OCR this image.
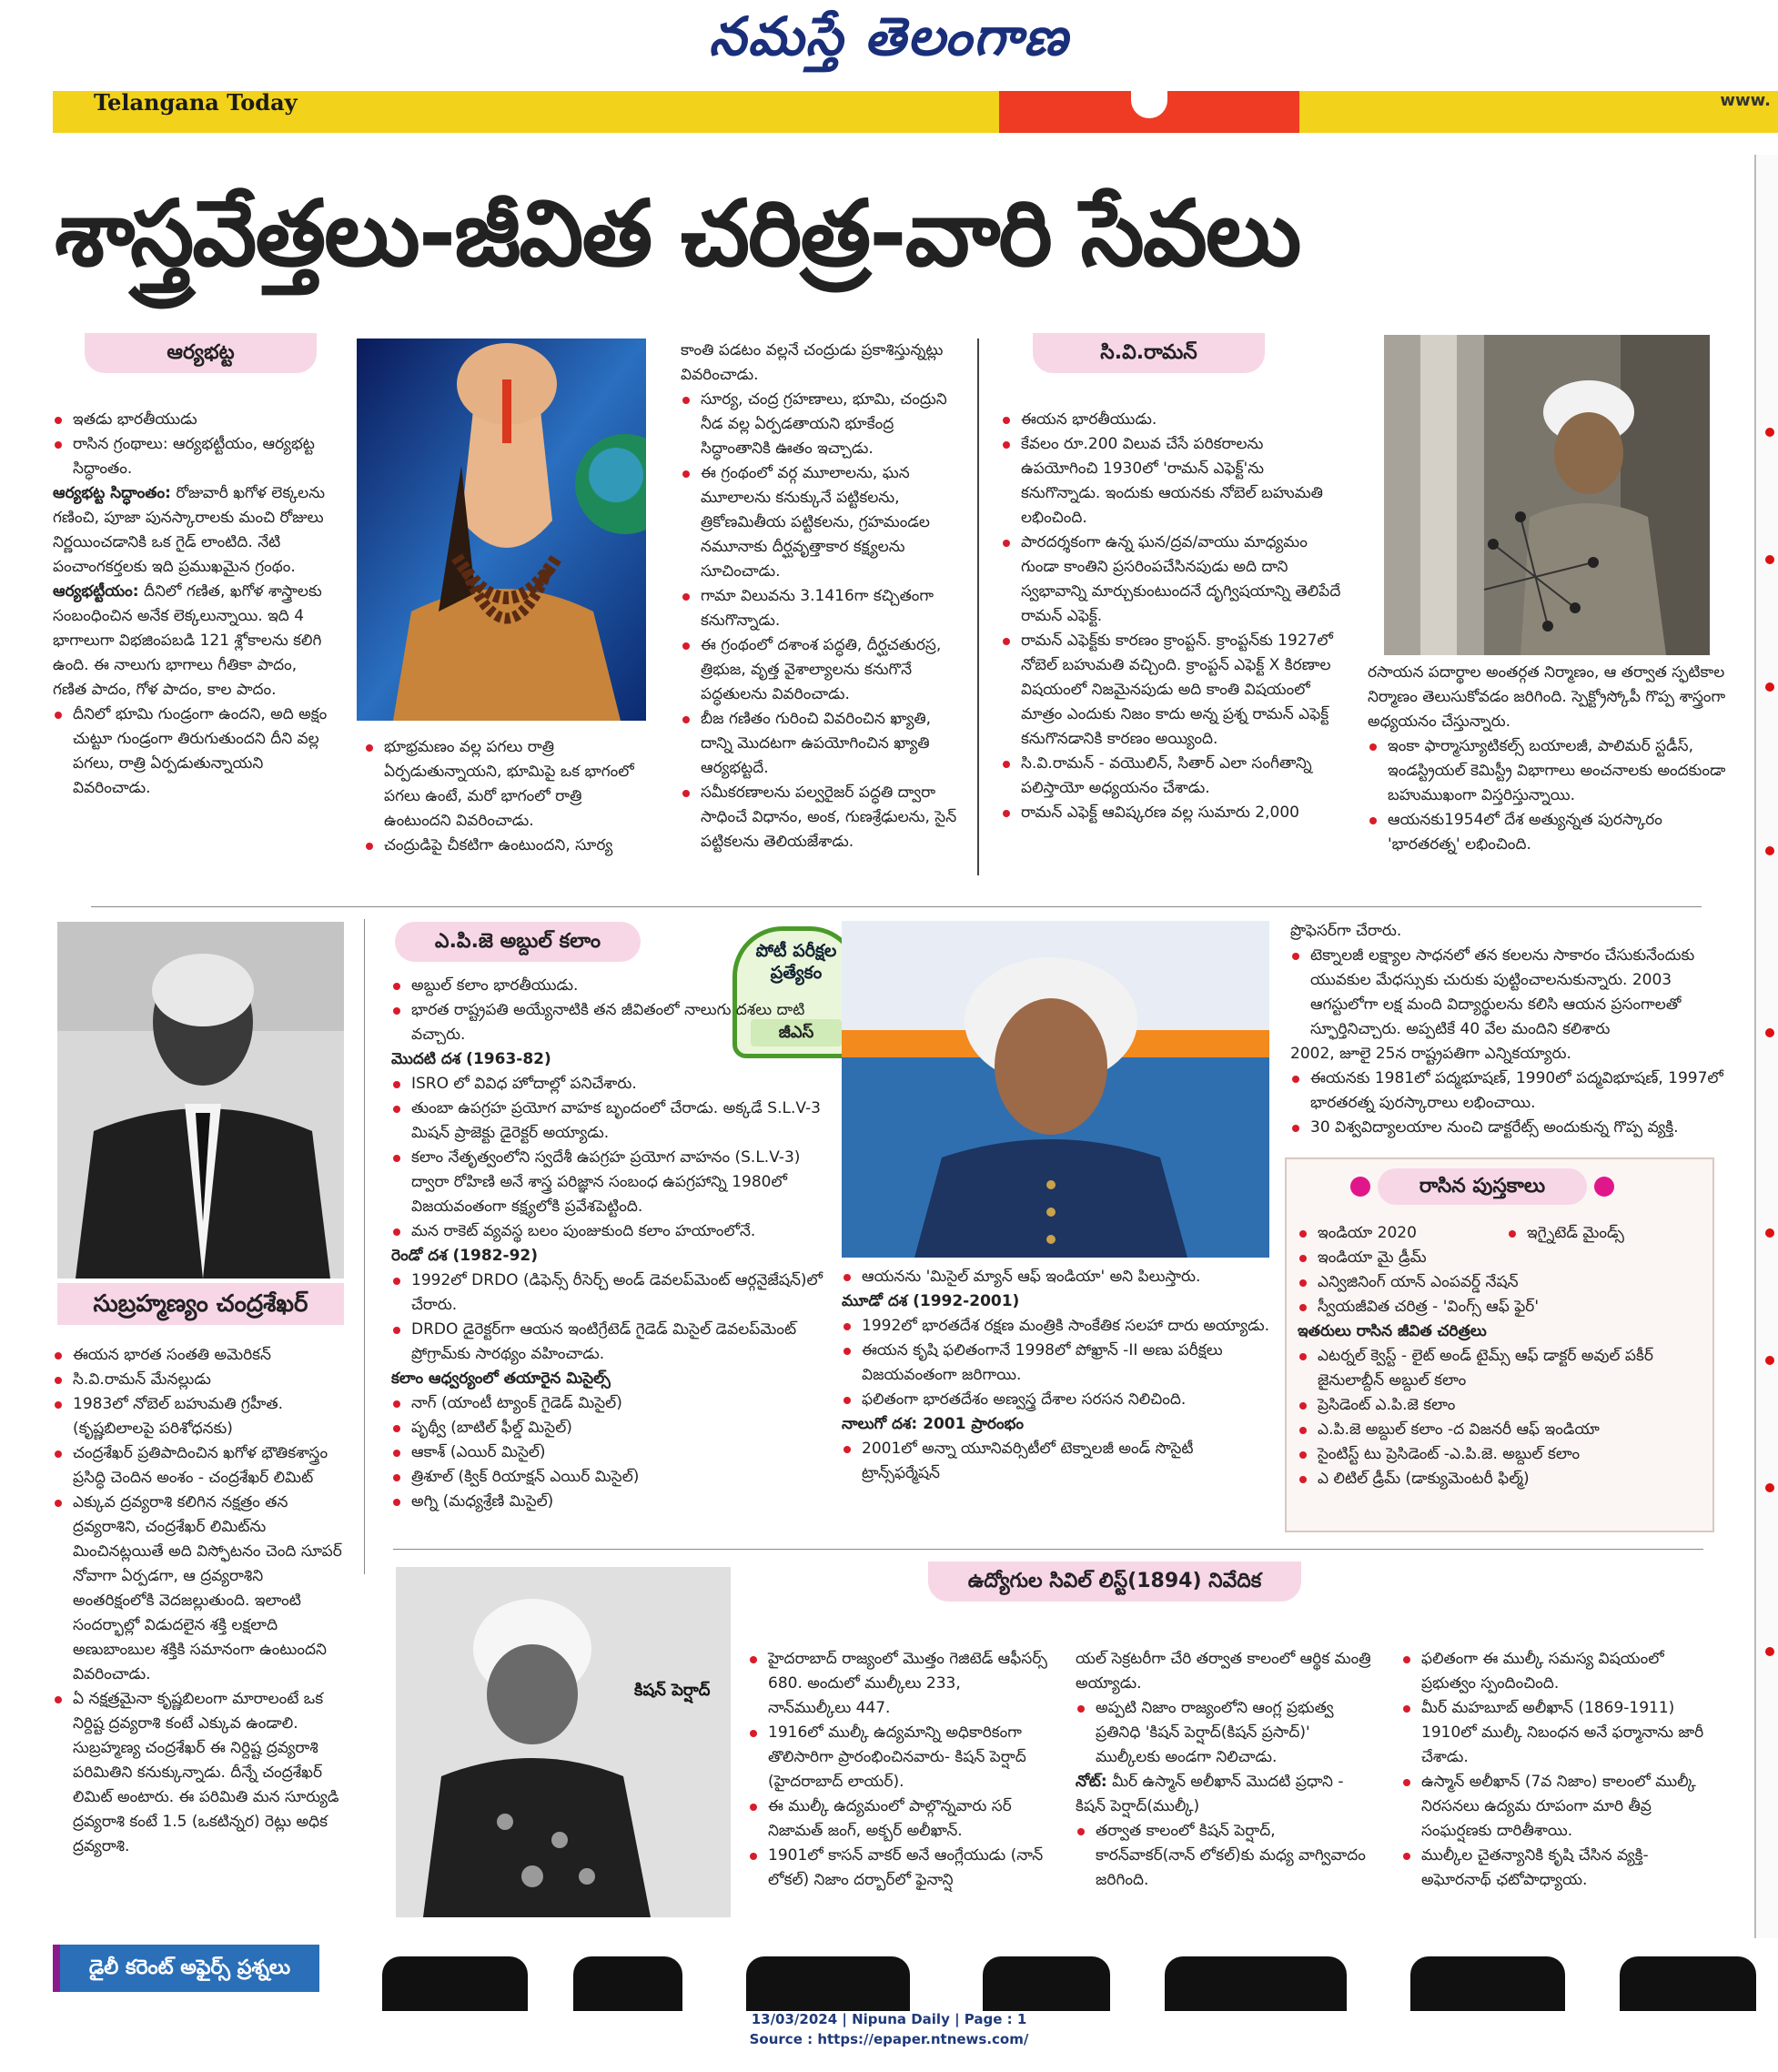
నమస్తే తెలంగాణ
Telangana Today	www.
శాస్త్రవేత్తలు-జీవిత చరిత్ర-వారి సేవలు
ఆర్యభట్ట
ఇతడు భారతీయుడు
రాసిన గ్రంథాలు: ఆర్యభట్టీయం, ఆర్యభట్ట సిద్ధాంతం.

ఆర్యభట్ట సిద్ధాంతం: రోజువారీ ఖగోళ లెక్కలను గణించి, పూజా పునస్కారాలకు మంచి రోజులు నిర్ణయించడానికి ఒక గైడ్ లాంటిది. నేటి పంచాంగకర్తలకు ఇది ప్రముఖమైన గ్రంథం.

ఆర్యభట్టీయం: దీనిలో గణిత, ఖగోళ శాస్త్రాలకు సంబంధించిన అనేక లెక్కలున్నాయి. ఇది 4 భాగాలుగా విభజింపబడి 121 శ్లోకాలను కలిగి ఉంది. ఈ నాలుగు భాగాలు గీతికా పాదం, గణిత పాదం, గోళ పాదం, కాల పాదం.

దీనిలో భూమి గుండ్రంగా ఉందని, అది అక్షం చుట్టూ గుండ్రంగా తిరుగుతుందని దీని వల్ల పగలు, రాత్రి ఏర్పడుతున్నాయని వివరించాడు.
భూభ్రమణం వల్ల పగలు రాత్రి ఏర్పడుతున్నాయని, భూమిపై ఒక భాగంలో పగలు ఉంటే, మరో భాగంలో రాత్రి ఉంటుందని వివరించాడు.
చంద్రుడిపై చీకటిగా ఉంటుందని, సూర్య

కాంతి పడటం వల్లనే చంద్రుడు ప్రకాశిస్తున్నట్లు వివరించాడు.

సూర్య, చంద్ర గ్రహణాలు, భూమి, చంద్రుని నీడ వల్ల ఏర్పడతాయని భూకేంద్ర సిద్ధాంతానికి ఊతం ఇచ్చాడు.
ఈ గ్రంథంలో వర్గ మూలాలను, ఘన మూలాలను కనుక్కునే పట్టికలను, త్రికోణమితీయ పట్టికలను, గ్రహమండల నమూనాకు దీర్ఘవృత్తాకార కక్ష్యలను సూచించాడు.
గామా విలువను 3.1416గా కచ్చితంగా కనుగొన్నాడు.
ఈ గ్రంథంలో దశాంశ పద్ధతి, దీర్ఘచతురస్ర, త్రిభుజ, వృత్త వైశాల్యాలను కనుగొనే పద్ధతులను వివరించాడు.
బీజ గణితం గురించి వివరించిన ఖ్యాతి, దాన్ని మొదటగా ఉపయోగించిన ఖ్యాతి ఆర్యభట్టదే.
సమీకరణాలను పల్వరైజర్ పద్ధతి ద్వారా సాధించే విధానం, అంక, గుణశ్రేఢులను, సైన్ పట్టికలను తెలియజేశాడు.
సి.వి.రామన్
ఈయన భారతీయుడు.
కేవలం రూ.200 విలువ చేసే పరికరాలను ఉపయోగించి 1930లో 'రామన్ ఎఫెక్ట్'ను కనుగొన్నాడు. ఇందుకు ఆయనకు నోబెల్ బహుమతి లభించింది.
పారదర్శకంగా ఉన్న ఘన/ద్రవ/వాయు మాధ్యమం గుండా కాంతిని ప్రసరింపచేసినపుడు అది దాని స్వభావాన్ని మార్చుకుంటుందనే దృగ్విషయాన్ని తెలిపేదే రామన్ ఎఫెక్ట్.
రామన్ ఎఫెక్ట్‌కు కారణం క్రాంప్టన్. క్రాంప్టన్‌కు 1927లో నోబెల్ బహుమతి వచ్చింది. క్రాంప్టన్ ఎఫెక్ట్ X కిరణాల విషయంలో నిజమైనపుడు అది కాంతి విషయంలో మాత్రం ఎందుకు నిజం కాదు అన్న ప్రశ్న రామన్ ఎఫెక్ట్ కనుగొనడానికి కారణం అయ్యింది.
సి.వి.రామన్ - వయొలిన్, సితార్ ఎలా సంగీతాన్ని పలిస్తాయో అధ్యయనం చేశాడు.
రామన్ ఎఫెక్ట్ ఆవిష్కరణ వల్ల సుమారు 2,000

రసాయన పదార్థాల అంతర్గత నిర్మాణం, ఆ తర్వాత స్ఫటికాల నిర్మాణం తెలుసుకోవడం జరిగింది. స్పెక్ట్రోస్కోపీ గొప్ప శాస్త్రంగా అధ్యయనం చేస్తున్నారు.

ఇంకా ఫార్మాస్యూటికల్స్ బయాలజీ, పాలిమర్ స్టడీస్, ఇండస్ట్రియల్ కెమిస్ట్రీ విభాగాలు అంచనాలకు అందకుండా బహుముఖంగా విస్తరిస్తున్నాయి.
ఆయనకు1954లో దేశ అత్యున్నత పురస్కారం 'భారతరత్న' లభించింది.
సుబ్రహ్మణ్యం చంద్రశేఖర్
ఈయన భారత సంతతి అమెరికన్
సి.వి.రామన్ మేనల్లుడు
1983లో నోబెల్ బహుమతి గ్రహీత. (కృష్ణబిలాలపై పరిశోధనకు)
చంద్రశేఖర్ ప్రతిపాదించిన ఖగోళ భౌతికశాస్త్రం ప్రసిద్ధి చెందిన అంశం - చంద్రశేఖర్ లిమిట్
ఎక్కువ ద్రవ్యరాశి కలిగిన నక్షత్రం తన ద్రవ్యరాశిని, చంద్రశేఖర్ లిమిట్‌ను మించినట్లయితే అది విస్ఫోటనం చెంది సూపర్ నోవాగా ఏర్పడగా, ఆ ద్రవ్యరాశిని అంతరిక్షంలోకి వెదజల్లుతుంది. ఇలాంటి సందర్భాల్లో విడుదలైన శక్తి లక్షలాది అణుబాంబుల శక్తికి సమానంగా ఉంటుందని వివరించాడు.
ఏ నక్షత్రమైనా కృష్ణబిలంగా మారాలంటే ఒక నిర్దిష్ట ద్రవ్యరాశి కంటే ఎక్కువ ఉండాలి. సుబ్రహ్మణ్య చంద్రశేఖర్ ఈ నిర్దిష్ట ద్రవ్యరాశి పరిమితిని కనుక్కున్నాడు. దీన్నే చంద్రశేఖర్ లిమిట్ అంటారు. ఈ పరిమితి మన సూర్యుడి ద్రవ్యరాశి కంటే 1.5 (ఒకటిన్నర) రెట్లు అధిక ద్రవ్యరాశి.
ఎ.పి.జె అబ్దుల్ కలాం	పోటీ పరీక్షల ప్రత్యేకం
జీఎస్
అబ్దుల్ కలాం భారతీయుడు.
భారత రాష్ట్రపతి అయ్యేనాటికి తన జీవితంలో నాలుగు దశలు దాటి వచ్చారు.

మొదటి దశ (1963-82)

ISRO లో వివిధ హోదాల్లో పనిచేశారు.
తుంబా ఉపగ్రహ ప్రయోగ వాహక బృందంలో చేరాడు. అక్కడే S.L.V-3 మిషన్ ప్రాజెక్టు డైరెక్టర్ అయ్యాడు.
కలాం నేతృత్వంలోని స్వదేశీ ఉపగ్రహ ప్రయోగ వాహనం (S.L.V-3) ద్వారా రోహిణి అనే శాస్త్ర పరిజ్ఞాన సంబంధ ఉపగ్రహాన్ని 1980లో విజయవంతంగా కక్ష్యలోకి ప్రవేశపెట్టింది.
మన రాకెట్ వ్యవస్థ బలం పుంజుకుంది కలాం హయాంలోనే.

రెండో దశ (1982-92)

1992లో DRDO (డిఫెన్స్ రీసెర్చ్ అండ్ డెవలప్‌మెంట్ ఆర్గనైజేషన్)లో చేరారు.
DRDO డైరెక్టర్‌గా ఆయన ఇంటిగ్రేటెడ్ గైడెడ్ మిసైల్ డెవలప్‌మెంట్ ప్రోగ్రామ్‌కు సారథ్యం వహించాడు.

కలాం ఆధ్వర్యంలో తయారైన మిసైల్స్

నాగ్ (యాంటీ ట్యాంక్ గైడెడ్ మిసైల్)
పృథ్వీ (బాటిల్ ఫీల్డ్ మిసైల్)
ఆకాశ్ (ఎయిర్ మిసైల్)
త్రిశూల్ (క్విక్ రియాక్షన్ ఎయిర్ మిసైల్)
అగ్ని (మధ్యశ్రేణి మిసైల్)
ఆయనను 'మిసైల్ మ్యాన్ ఆఫ్ ఇండియా' అని పిలుస్తారు.

మూడో దశ (1992-2001)

1992లో భారతదేశ రక్షణ మంత్రికి సాంకేతిక సలహా దారు అయ్యాడు.
ఈయన కృషి ఫలితంగానే 1998లో పోఖ్రాన్ -II అణు పరీక్షలు విజయవంతంగా జరిగాయి.
ఫలితంగా భారతదేశం అణ్వస్త్ర దేశాల సరసన నిలిచింది.

నాలుగో దశ: 2001 ప్రారంభం

2001లో అన్నా యూనివర్సిటీలో టెక్నాలజీ అండ్ సొసైటీ ట్రాన్స్‌ఫర్మేషన్

ప్రొఫెసర్‌గా చేరారు.

టెక్నాలజీ లక్ష్యాల సాధనలో తన కలలను సాకారం చేసుకునేందుకు యువకుల మేధస్సుకు చురుకు పుట్టించాలనుకున్నారు. 2003 ఆగస్టులోగా లక్ష మంది విద్యార్థులను కలిసి ఆయన ప్రసంగాలతో స్ఫూర్తినిచ్చారు. అప్పటికే 40 వేల మందిని కలిశారు

2002, జూలై 25న రాష్ట్రపతిగా ఎన్నికయ్యారు.

ఈయనకు 1981లో పద్మభూషణ్, 1990లో పద్మవిభూషణ్, 1997లో భారతరత్న పురస్కారాలు లభించాయి.
30 విశ్వవిద్యాలయాల నుంచి డాక్టరేట్స్ అందుకున్న గొప్ప వ్యక్తి.
రాసిన పుస్తకాలు
ఇండియా 2020	ఇగ్నైటెడ్ మైండ్స్
ఇండియా మై డ్రీమ్
ఎన్విజినింగ్ యాన్ ఎంపవర్డ్ నేషన్
స్వీయజీవిత చరిత్ర - 'వింగ్స్ ఆఫ్ ఫైర్'

ఇతరులు రాసిన జీవిత చరిత్రలు

ఎటర్నల్ క్వెస్ట్ - లైట్ అండ్ టైమ్స్ ఆఫ్ డాక్టర్ అవుల్ పకీర్ జైనులాబ్దీన్ అబ్దుల్ కలాం
ప్రెసిడెంట్ ఎ.పి.జె కలాం
ఎ.పి.జె అబ్దుల్ కలాం -ద విజనరీ ఆఫ్ ఇండియా
సైంటిస్ట్ టు ప్రెసిడెంట్ -ఎ.పి.జె. అబ్దుల్ కలాం
ఎ లిటిల్ డ్రీమ్ (డాక్యుమెంటరీ ఫిల్మ్)
ఉద్యోగుల సివిల్ లిస్ట్(1894) నివేదిక
కిషన్ పెర్షాద్
హైదరాబాద్ రాజ్యంలో మొత్తం గెజిటెడ్ ఆఫీసర్స్ 680. అందులో ముల్కీలు 233, నాన్‌ముల్కీలు 447.
1916లో ముల్కీ ఉద్యమాన్ని అధికారికంగా తొలిసారిగా ప్రారంభించినవారు- కిషన్ పెర్షాద్ (హైదరాబాద్ లాయర్).
ఈ ముల్కీ ఉద్యమంలో పాల్గొన్నవారు సర్ నిజామత్ జంగ్, అక్బర్ అలీఖాన్.
1901లో కాసన్ వాకర్ అనే ఆంగ్లేయుడు (నాన్ లోకల్) నిజాం దర్బార్‌లో ఫైనాన్షి

యల్ సెక్రటరీగా చేరి తర్వాత కాలంలో ఆర్థిక మంత్రి అయ్యాడు.

అప్పటి నిజాం రాజ్యంలోని ఆంగ్ల ప్రభుత్వ ప్రతినిధి 'కిషన్ పెర్షాద్(కిషన్ ప్రసాద్)' ముల్కీలకు అండగా నిలిచాడు.

నోట్: మీర్ ఉస్మాన్ అలీఖాన్ మొదటి ప్రధాని - కిషన్ పెర్షాద్(ముల్కీ)

తర్వాత కాలంలో కిషన్ పెర్షాద్, కారన్‌వాకర్(నాన్ లోకల్)కు మధ్య వాగ్వివాదం జరిగింది.
ఫలితంగా ఈ ముల్కీ సమస్య విషయంలో ప్రభుత్వం స్పందించింది.
మీర్ మహబూబ్ అలీఖాన్ (1869-1911) 1910లో ముల్కీ నిబంధన అనే ఫర్మానాను జారీ చేశాడు.
ఉస్మాన్ అలీఖాన్ (7వ నిజాం) కాలంలో ముల్కీ నిరసనలు ఉద్యమ రూపంగా మారి తీవ్ర సంఘర్షణకు దారితీశాయి.
ముల్కీల చైతన్యానికి కృషి చేసిన వ్యక్తి- అఘోరనాథ్ ఛటోపాధ్యాయ.
డైలీ కరెంట్ అఫైర్స్ ప్రశ్నలు
13/03/2024 | Nipuna Daily | Page : 1
Source : https://epaper.ntnews.com/
